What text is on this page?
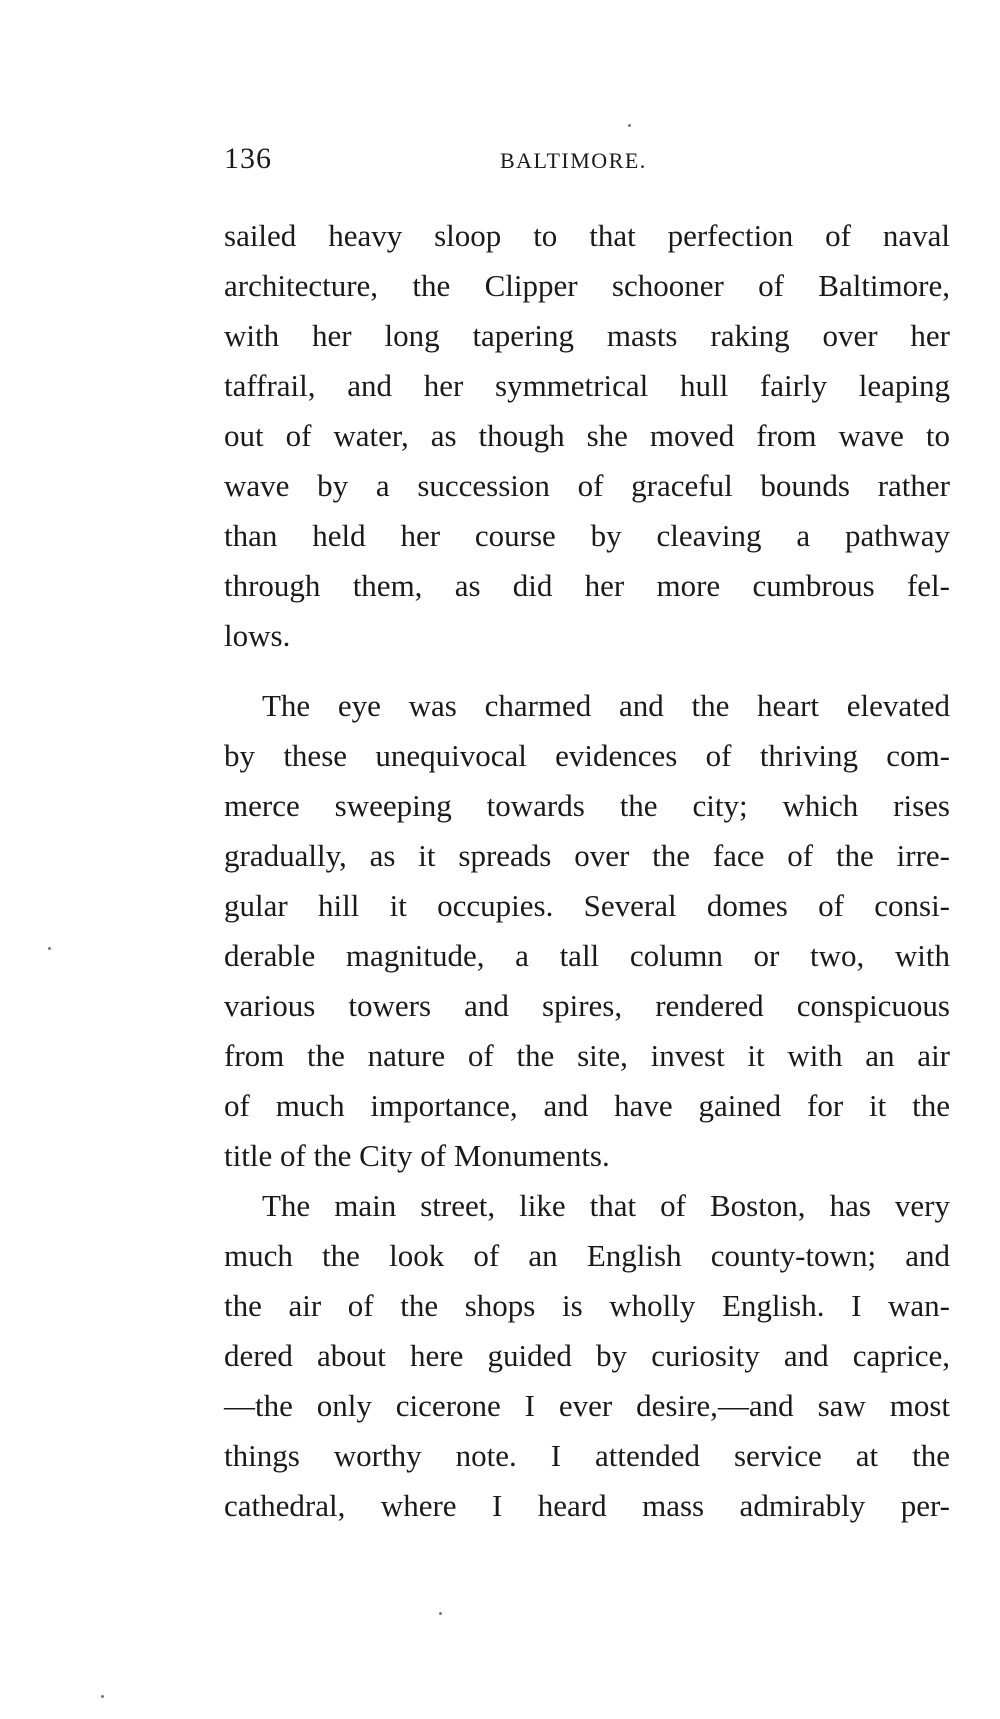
136	BALTIMORE.
sailed heavy sloop to that perfection of naval
architecture, the Clipper schooner of Baltimore,
with her long tapering masts raking over her
taffrail, and her symmetrical hull fairly leaping
out of water, as though she moved from wave to
wave by a succession of graceful bounds rather
than held her course by cleaving a pathway
through them, as did her more cumbrous fel-
lows.
The eye was charmed and the heart elevated
by these unequivocal evidences of thriving com-
merce sweeping towards the city; which rises
gradually, as it spreads over the face of the irre-
gular hill it occupies. Several domes of consi-
derable magnitude, a tall column or two, with
various towers and spires, rendered conspicuous
from the nature of the site, invest it with an air
of much importance, and have gained for it the
title of the City of Monuments.
The main street, like that of Boston, has very
much the look of an English county-town; and
the air of the shops is wholly English. I wan-
dered about here guided by curiosity and caprice,
—the only cicerone I ever desire,—and saw most
things worthy note. I attended service at the
cathedral, where I heard mass admirably per-
